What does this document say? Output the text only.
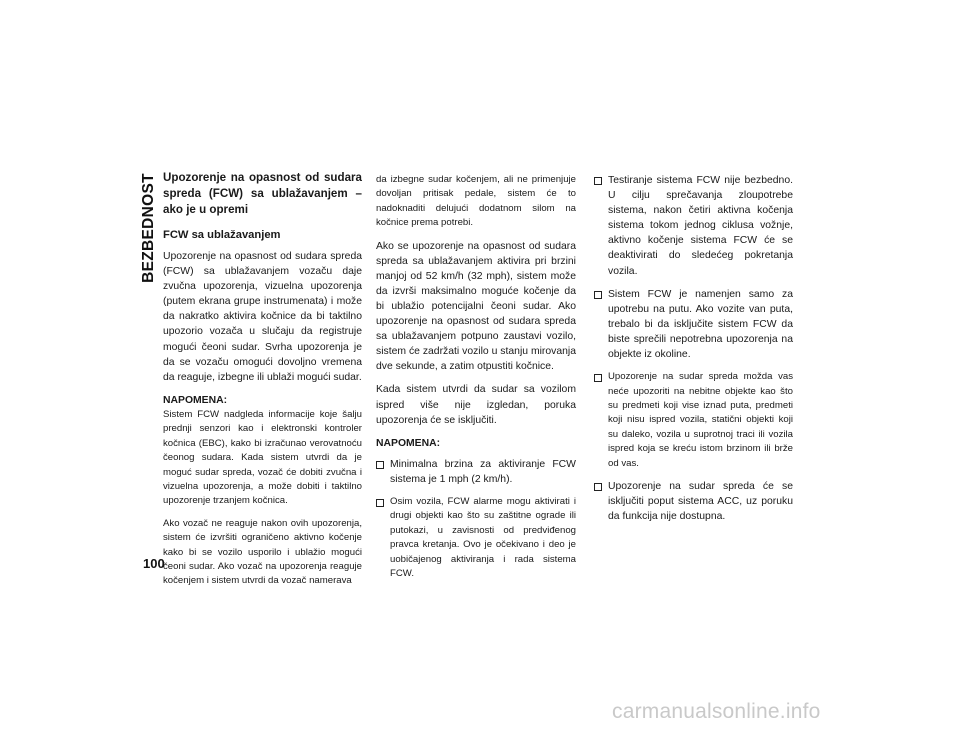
BEZBEDNOST Upozorenje na opasnost od sudara spreda (FCW) sa ublažavanjem – ako je u opremi

FCW sa ublažavanjem

Upozorenje na opasnost od sudara spreda (FCW) sa ublažavanjem vozaču daje zvučna upozorenja, vizuelna upozorenja (putem ekrana grupe instrumenata) i može da nakratko aktivira kočnice da bi taktilno upozorio vozača u slučaju da registruje mogući čeoni sudar. Svrha upozorenja je da se vozaču omogući dovoljno vremena da reaguje, izbegne ili ublaži mogući sudar.

NAPOMENA:

Sistem FCW nadgleda informacije koje šalju prednji senzori kao i elektronski kontroler kočnica (EBC), kako bi izračunao verovatnoću čeonog sudara. Kada sistem utvrdi da je moguć sudar spreda, vozač će dobiti zvučna i vizuelna upozorenja, a može dobiti i taktilno upozorenje trzanjem kočnica.

Ako vozač ne reaguje nakon ovih upozorenja, sistem će izvršiti ograničeno aktivno kočenje kako bi se vozilo usporilo i ublažio mogući čeoni sudar. Ako vozač na upozorenja reaguje kočenjem i sistem utvrdi da vozač namerava

da izbegne sudar kočenjem, ali ne primenjuje dovoljan pritisak pedale, sistem će to nadoknaditi delujući dodatnom silom na kočnice prema potrebi.

Ako se upozorenje na opasnost od sudara spreda sa ublažavanjem aktivira pri brzini manjoj od 52 km/h (32 mph), sistem može da izvrši maksimalno moguće kočenje da bi ublažio potencijalni čeoni sudar. Ako upozorenje na opasnost od sudara spreda sa ublažavanjem potpuno zaustavi vozilo, sistem će zadržati vozilo u stanju mirovanja dve sekunde, a zatim otpustiti kočnice.

Kada sistem utvrdi da sudar sa vozilom ispred više nije izgledan, poruka upozorenja će se isključiti.

NAPOMENA:

Minimalna brzina za aktiviranje FCW sistema je 1 mph (2 km/h).
Osim vozila, FCW alarme mogu aktivirati i drugi objekti kao što su zaštitne ograde ili putokazi, u zavisnosti od predviđenog pravca kretanja. Ovo je očekivano i deo je uobičajenog aktiviranja i rada sistema FCW.
Testiranje sistema FCW nije bezbedno. U cilju sprečavanja zloupotrebe sistema, nakon četiri aktivna kočenja sistema tokom jednog ciklusa vožnje, aktivno kočenje sistema FCW će se deaktivirati do sledećeg pokretanja vozila.
Sistem FCW je namenjen samo za upotrebu na putu. Ako vozite van puta, trebalo bi da isključite sistem FCW da biste sprečili nepotrebna upozorenja na objekte iz okoline.
Upozorenje na sudar spreda možda vas neće upozoriti na nebitne objekte kao što su predmeti koji vise iznad puta, predmeti koji nisu ispred vozila, statični objekti koji su daleko, vozila u suprotnoj traci ili vozila ispred koja se kreću istom brzinom ili brže od vas.
Upozorenje na sudar spreda će se isključiti poput sistema ACC, uz poruku da funkcija nije dostupna.
100
carmanualsonline.info
